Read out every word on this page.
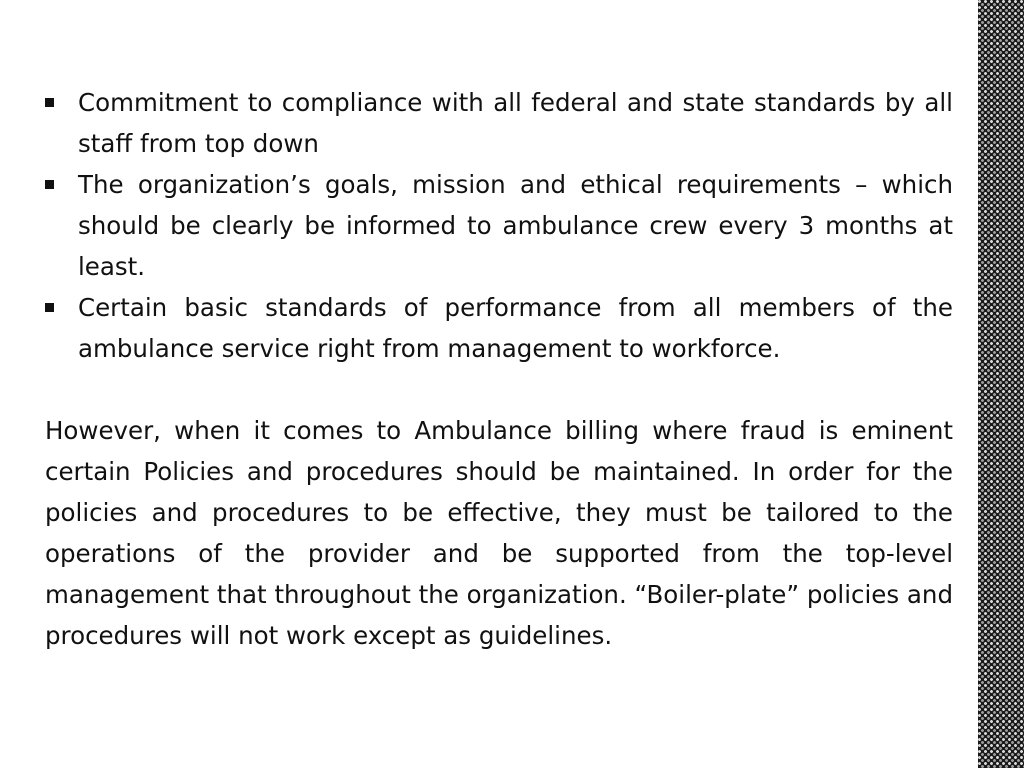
Commitment to compliance with all federal and state standards by all staff from top down
The organization’s goals, mission and ethical requirements – which should be clearly be informed to ambulance crew every 3 months at least.
Certain basic standards of performance from all members of the ambulance service right from management to workforce.

However, when it comes to Ambulance billing where fraud is eminent certain Policies and procedures should be maintained. In order for the policies and procedures to be effective, they must be tailored to the operations of the provider and be supported from the top-level management that throughout the organization. “Boiler-plate” policies and procedures will not work except as guidelines.
